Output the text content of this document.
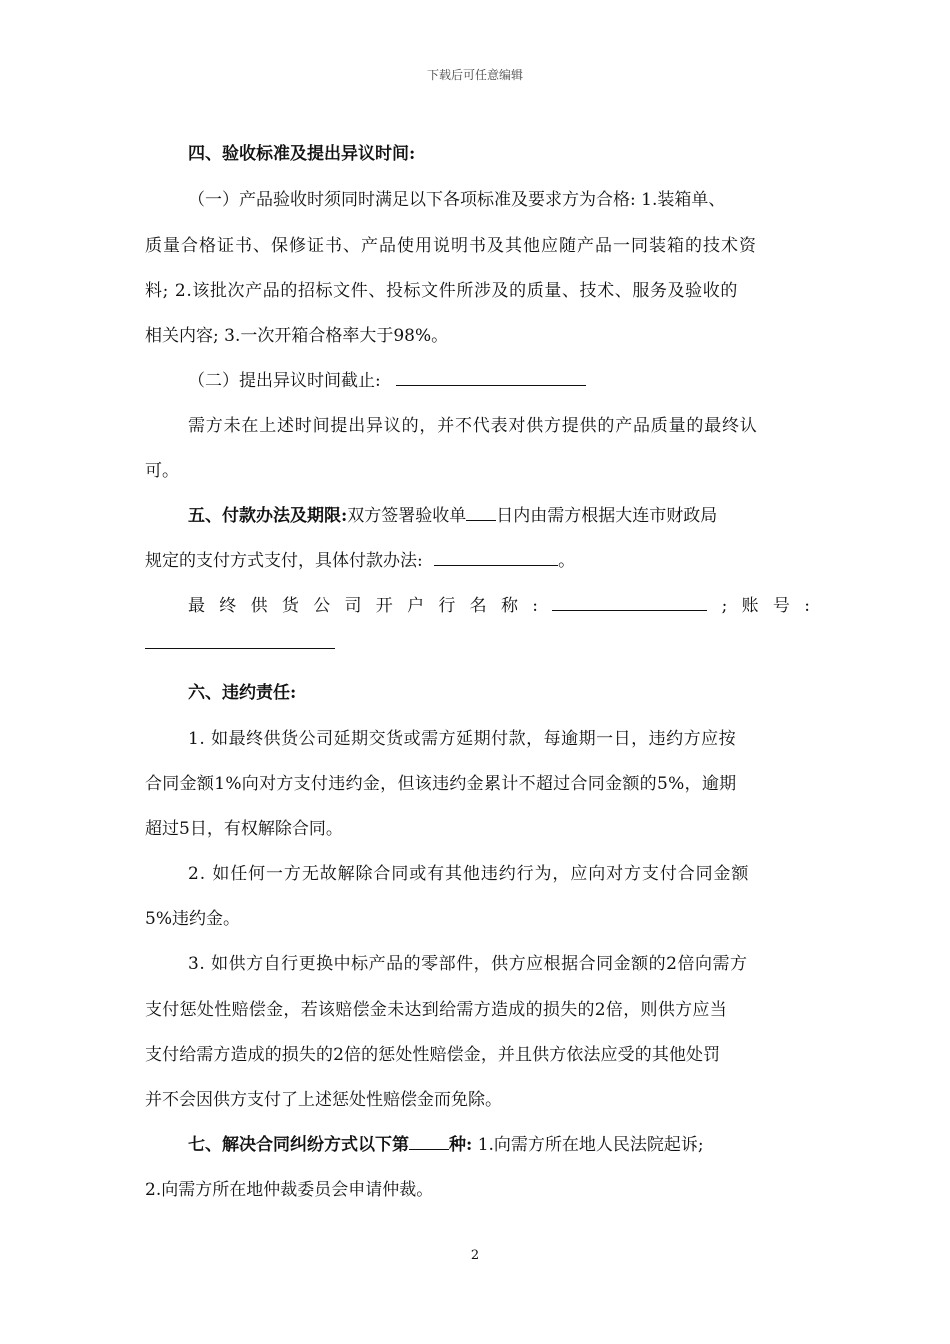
下载后可任意编辑
四、验收标准及提出异议时间:
（一）产品验收时须同时满足以下各项标准及要求方为合格: 1.装箱单、
质量合格证书、保修证书、产品使用说明书及其他应随产品一同装箱的技术资
料; 2.该批次产品的招标文件、投标文件所涉及的质量、技术、服务及验收的
相关内容; 3.一次开箱合格率大于98%。
（二）提出异议时间截止:
需方未在上述时间提出异议的，并不代表对供方提供的产品质量的最终认
可。
五、付款办法及期限:双方签署验收单 日内由需方根据大连市财政局
规定的支付方式支付，具体付款办法:	。
最 终 供 货 公 司 开 户 行 名 称 :	; 账 号 :
六、违约责任:
1. 如最终供货公司延期交货或需方延期付款，每逾期一日，违约方应按
合同金额1%向对方支付违约金，但该违约金累计不超过合同金额的5%，逾期
超过5日，有权解除合同。
2. 如任何一方无故解除合同或有其他违约行为，应向对方支付合同金额
5%违约金。
3. 如供方自行更换中标产品的零部件，供方应根据合同金额的2倍向需方
支付惩处性赔偿金，若该赔偿金未达到给需方造成的损失的2倍，则供方应当
支付给需方造成的损失的2倍的惩处性赔偿金，并且供方依法应受的其他处罚
并不会因供方支付了上述惩处性赔偿金而免除。
七、解决合同纠纷方式以下第 种: 1.向需方所在地人民法院起诉;
2.向需方所在地仲裁委员会申请仲裁。
2
